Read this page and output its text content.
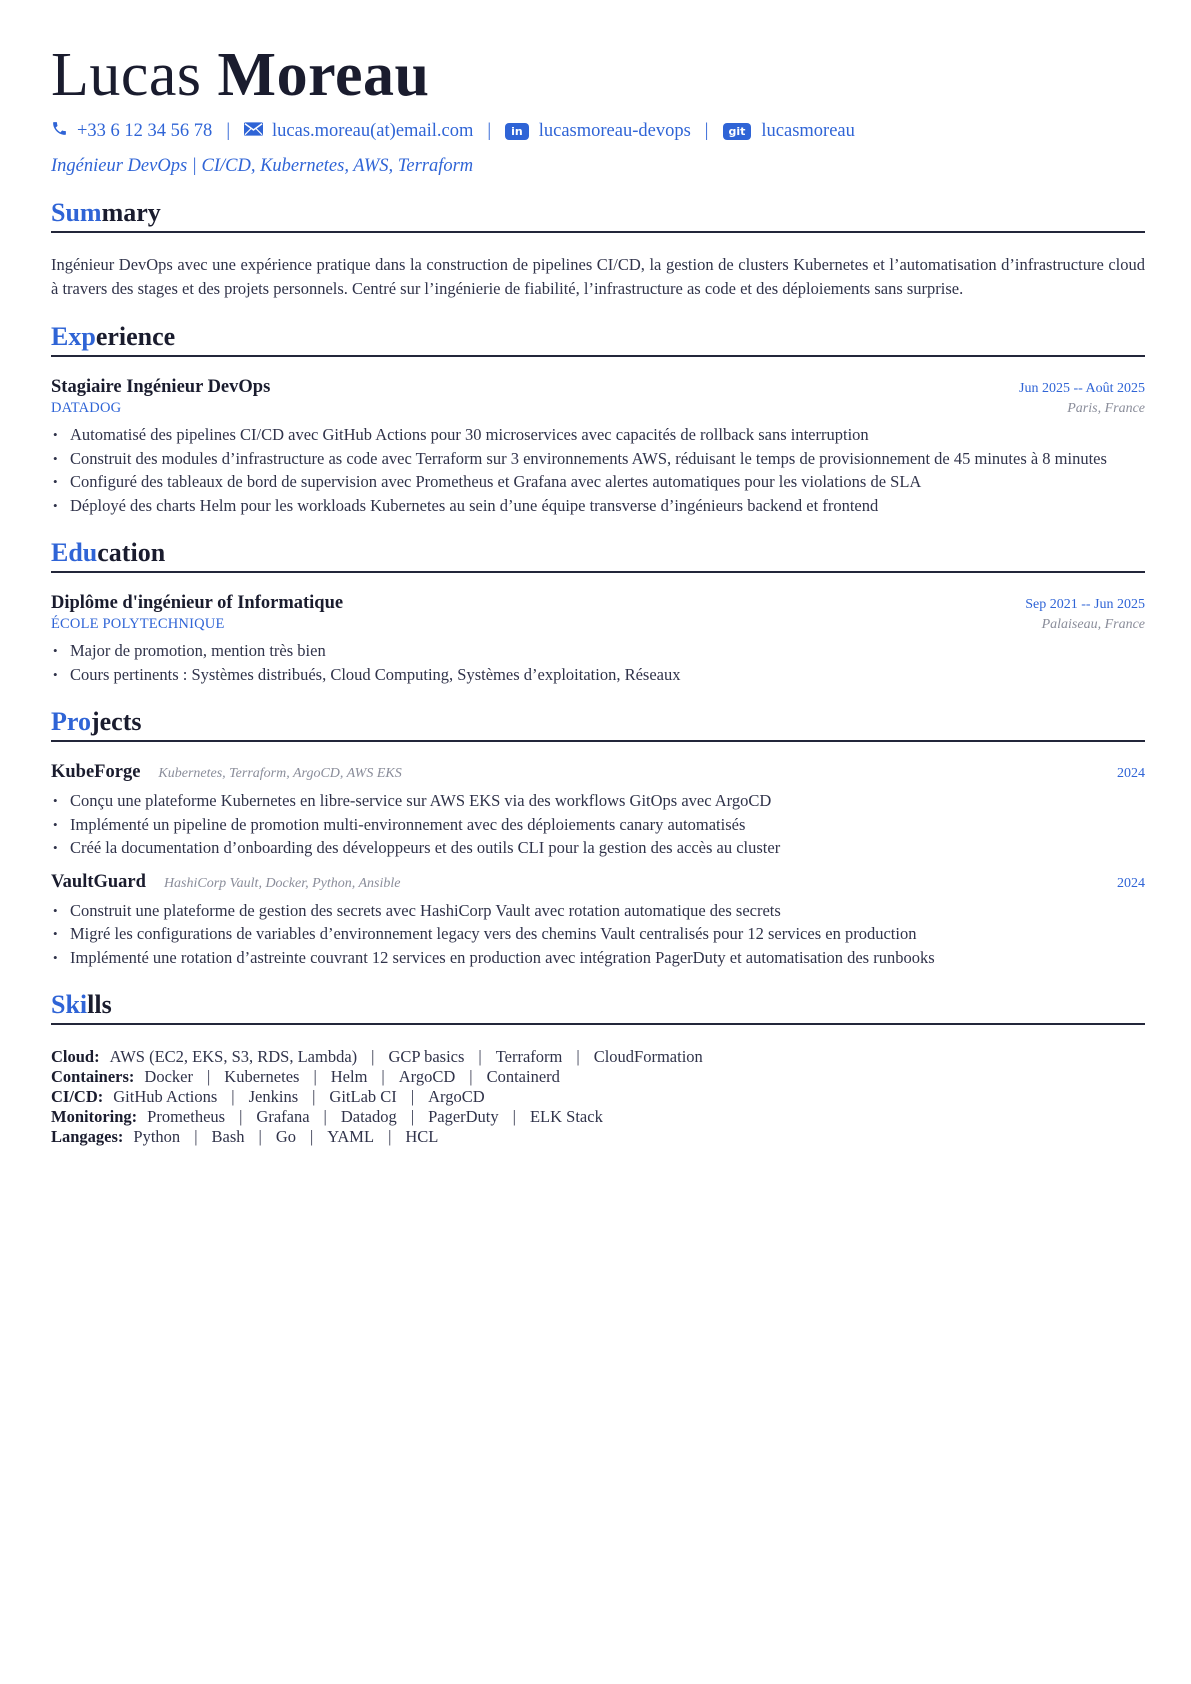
Lucas Moreau
+33 6 12 34 56 78 | lucas.moreau(at)email.com |	in lucasmoreau-devops |	git lucasmoreau
Ingénieur DevOps | CI/CD, Kubernetes, AWS, Terraform
Summary
Ingénieur DevOps avec une expérience pratique dans la construction de pipelines CI/CD, la gestion de clusters Kubernetes et l’automatisation d’infrastructure cloud à travers des stages et des projets personnels. Centré sur l’ingénierie de fiabilité, l’infrastructure as code et des déploiements sans surprise.
Experience
Stagiaire Ingénieur DevOps	Jun 2025 -- Août 2025
DATADOG	Paris, France
• Automatisé des pipelines CI/CD avec GitHub Actions pour 30 microservices avec capacités de rollback sans interruption
• Construit des modules d’infrastructure as code avec Terraform sur 3 environnements AWS, réduisant le temps de provisionnement de 45 minutes à 8 minutes
• Configuré des tableaux de bord de supervision avec Prometheus et Grafana avec alertes automatiques pour les violations de SLA
• Déployé des charts Helm pour les workloads Kubernetes au sein d’une équipe transverse d’ingénieurs backend et frontend
Education
Diplôme d'ingénieur of Informatique	Sep 2021 -- Jun 2025
ÉCOLE POLYTECHNIQUE	Palaiseau, France
• Major de promotion, mention très bien
• Cours pertinents : Systèmes distribués, Cloud Computing, Systèmes d’exploitation, Réseaux
Projects
KubeForge Kubernetes, Terraform, ArgoCD, AWS EKS	2024
• Conçu une plateforme Kubernetes en libre-service sur AWS EKS via des workflows GitOps avec ArgoCD
• Implémenté un pipeline de promotion multi-environnement avec des déploiements canary automatisés
• Créé la documentation d’onboarding des développeurs et des outils CLI pour la gestion des accès au cluster
VaultGuard HashiCorp Vault, Docker, Python, Ansible	2024
• Construit une plateforme de gestion des secrets avec HashiCorp Vault avec rotation automatique des secrets
• Migré les configurations de variables d’environnement legacy vers des chemins Vault centralisés pour 12 services en production
• Implémenté une rotation d’astreinte couvrant 12 services en production avec intégration PagerDuty et automatisation des runbooks
Skills
Cloud: AWS (EC2, EKS, S3, RDS, Lambda) | GCP basics | Terraform | CloudFormation
Containers: Docker | Kubernetes | Helm | ArgoCD | Containerd
CI/CD: GitHub Actions | Jenkins | GitLab CI | ArgoCD
Monitoring: Prometheus | Grafana | Datadog | PagerDuty | ELK Stack
Langages: Python | Bash | Go | YAML | HCL
